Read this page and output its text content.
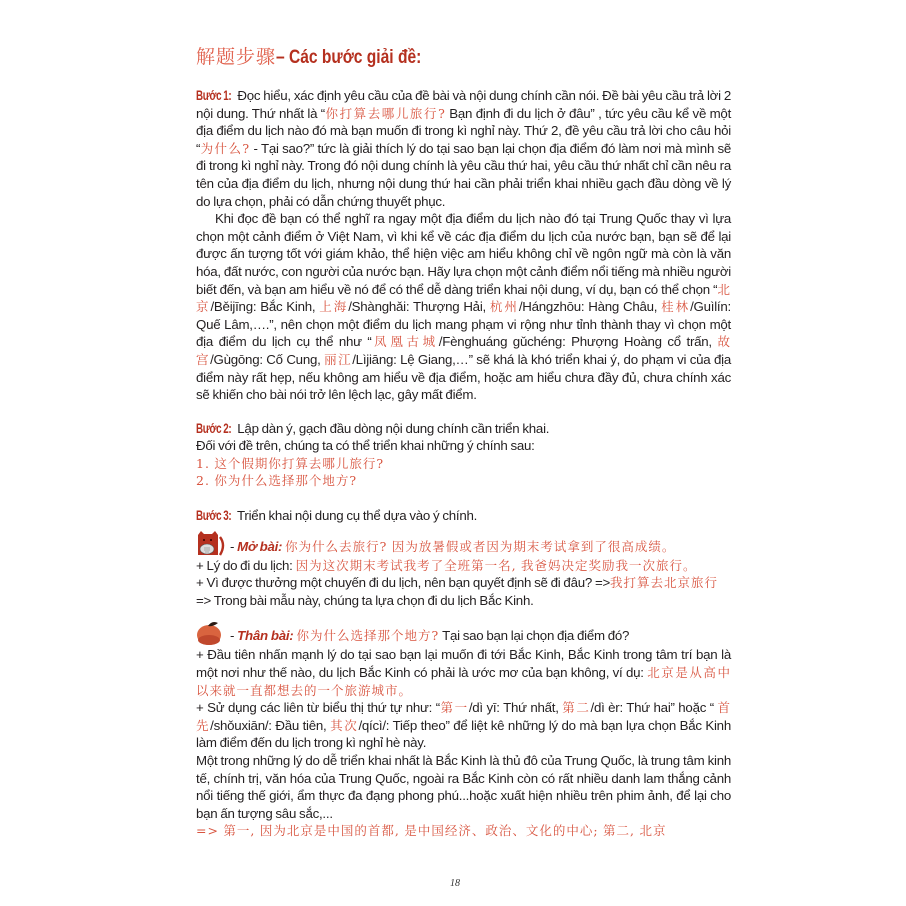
解题步骤– Các bước giải đề:

Bước 1: Đọc hiểu, xác định yêu cầu của đề bài và nội dung chính cần nói. Đề bài yêu cầu trả lời 2 nội dung. Thứ nhất là “你打算去哪儿旅行? Bạn định đi du lịch ở đâu” , tức yêu cầu kể về một địa điểm du lịch nào đó mà bạn muốn đi trong kì nghỉ này. Thứ 2, đề yêu cầu trả lời cho câu hỏi “为什么? - Tại sao?” tức là giải thích lý do tại sao bạn lại chọn địa điểm đó làm nơi mà mình sẽ đi trong kì nghỉ này. Trong đó nội dung chính là yêu cầu thứ hai, yêu cầu thứ nhất chỉ cần nêu ra tên của địa điểm du lịch, nhưng nội dung thứ hai cần phải triển khai nhiều gạch đầu dòng về lý do lựa chọn, phải có dẫn chứng thuyết phục.

Khi đọc đề bạn có thể nghĩ ra ngay một địa điểm du lịch nào đó tại Trung Quốc thay vì lựa chọn một cảnh điểm ở Việt Nam, vì khi kể về các địa điểm du lịch của nước bạn, bạn sẽ để lại được ấn tượng tốt với giám khảo, thể hiện việc am hiểu không chỉ về ngôn ngữ mà còn là văn hóa, đất nước, con người của nước bạn. Hãy lựa chọn một cảnh điểm nổi tiếng mà nhiều người biết đến, và bạn am hiểu về nó để có thể dễ dàng triển khai nội dung, ví dụ, bạn có thể chọn “北京/Běijīng: Bắc Kinh, 上海/Shànghǎi: Thượng Hải, 杭州/Hángzhōu: Hàng Châu, 桂林/Guìlín: Quế Lâm,….”, nên chọn một điểm du lịch mang phạm vi rộng như tỉnh thành thay vì chọn một địa điểm du lịch cụ thể như “凤凰古城/Fènghuáng gǔchéng: Phượng Hoàng cổ trấn, 故宫/Gùgōng: Cố Cung, 丽江/Lìjiāng: Lệ Giang,…” sẽ khá là khó triển khai ý, do phạm vi của địa điểm này rất hẹp, nếu không am hiểu về địa điểm, hoặc am hiểu chưa đầy đủ, chưa chính xác sẽ khiến cho bài nói trở lên lệch lạc, gây mất điểm.

Bước 2: Lập dàn ý, gạch đầu dòng nội dung chính cần triển khai.

Đối với đề trên, chúng ta có thể triển khai những ý chính sau:

1. 这个假期你打算去哪儿旅行?

2. 你为什么选择那个地方?

Bước 3: Triển khai nội dung cụ thể dựa vào ý chính.

- Mở bài: 你为什么去旅行? 因为放暑假或者因为期末考试拿到了很高成绩。

+ Lý do đi du lịch: 因为这次期末考试我考了全班第一名, 我爸妈决定奖励我一次旅行。

+ Vì được thưởng một chuyến đi du lịch, nên bạn quyết định sẽ đi đâu? =>我打算去北京旅行

=> Trong bài mẫu này, chúng ta lựa chọn đi du lịch Bắc Kinh.

- Thân bài: 你为什么选择那个地方? Tại sao bạn lại chọn địa điểm đó?

+ Đầu tiên nhấn mạnh lý do tại sao bạn lại muốn đi tới Bắc Kinh, Bắc Kinh trong tâm trí bạn là một nơi như thế nào, du lịch Bắc Kinh có phải là ước mơ của bạn không, ví dụ: 北京是从高中以来就一直都想去的一个旅游城市。

+ Sử dụng các liên từ biểu thị thứ tự như: “第一/dì yī: Thứ nhất, 第二/dì èr: Thứ hai” hoặc “ 首先/shǒuxiān/: Đầu tiên, 其次/qícì/: Tiếp theo” để liệt kê những lý do mà bạn lựa chọn Bắc Kinh làm điểm đến du lịch trong kì nghỉ hè này.

Một trong những lý do dễ triển khai nhất là Bắc Kinh là thủ đô của Trung Quốc, là trung tâm kinh tế, chính trị, văn hóa của Trung Quốc, ngoài ra Bắc Kinh còn có rất nhiều danh lam thắng cảnh nổi tiếng thế giới, ẩm thực đa đạng phong phú...hoặc xuất hiện nhiều trên phim ảnh, để lại cho bạn ấn tượng sâu sắc,...

=> 第一, 因为北京是中国的首都, 是中国经济、政治、文化的中心; 第二, 北京

18
